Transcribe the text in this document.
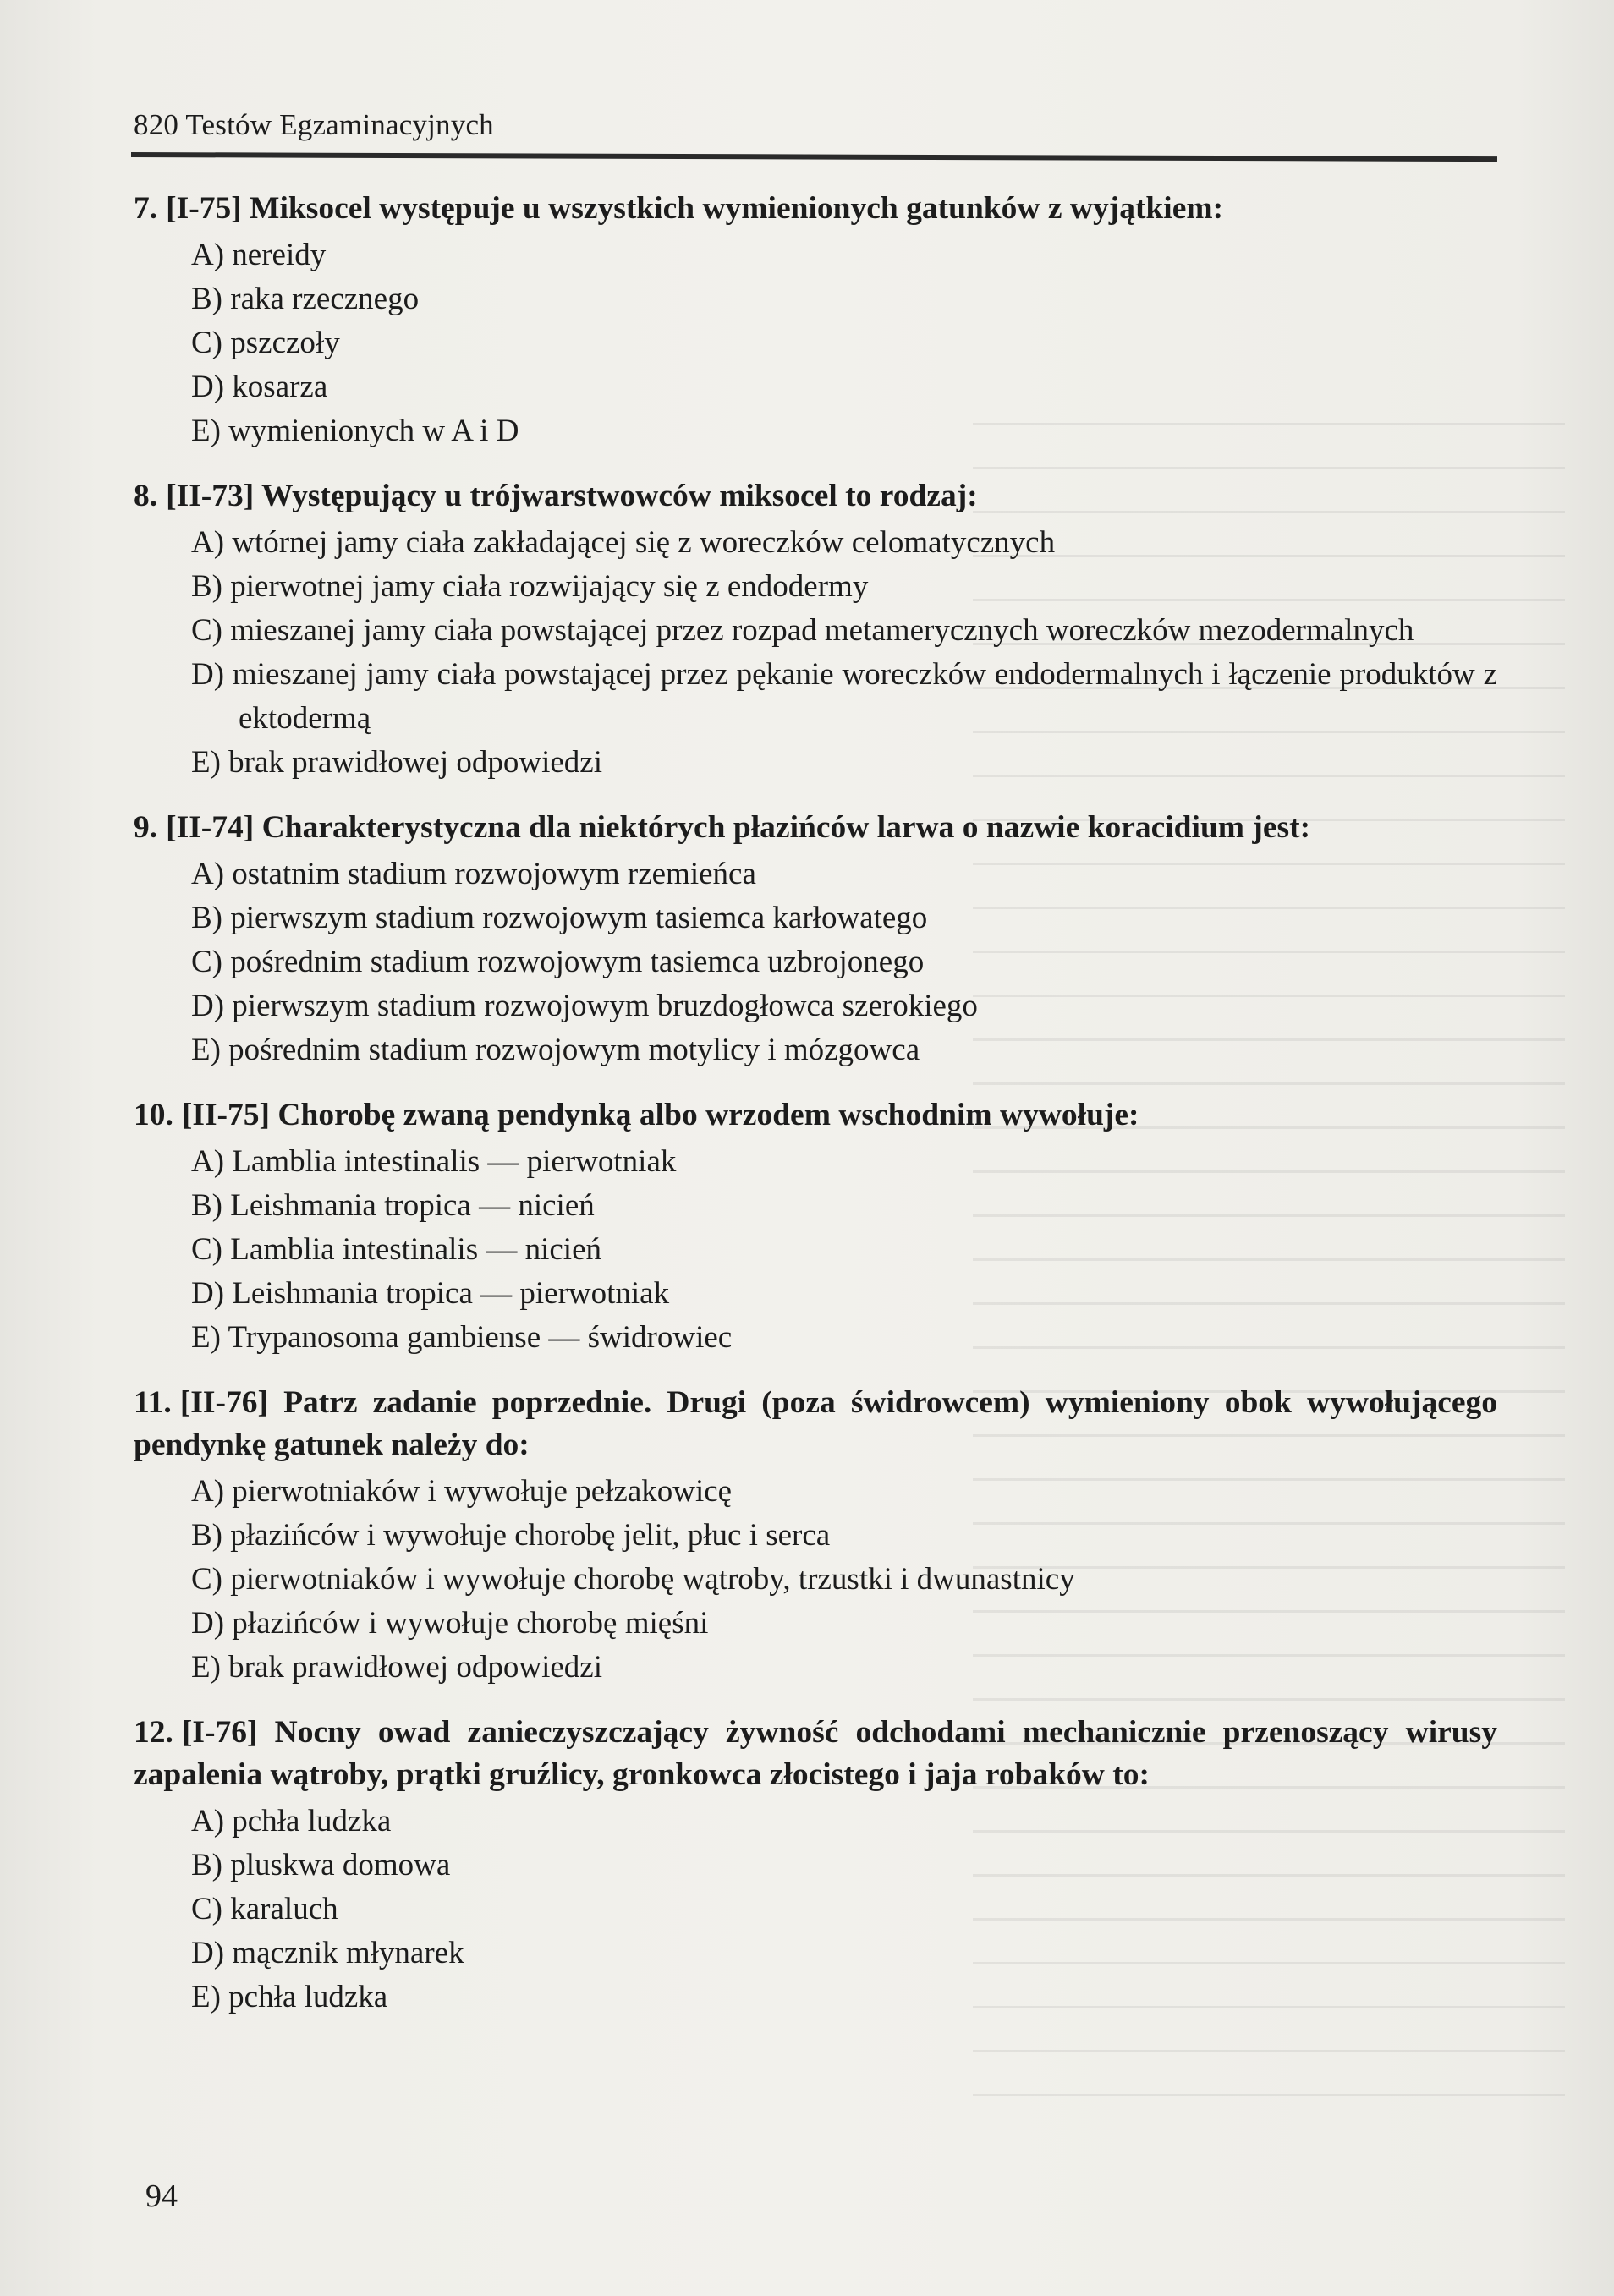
820 Testów Egzaminacyjnych

7. [I-75] Miksocel występuje u wszystkich wymienionych gatunków z wyjątkiem:

A) nereidy
B) raka rzecznego
C) pszczoły
D) kosarza
E) wymienionych w A i D

8. [II-73] Występujący u trójwarstwowców miksocel to rodzaj:

A) wtórnej jamy ciała zakładającej się z woreczków celomatycznych
B) pierwotnej jamy ciała rozwijający się z endodermy
C) mieszanej jamy ciała powstającej przez rozpad metamerycznych woreczków mezodermalnych
D) mieszanej jamy ciała powstającej przez pękanie woreczków endodermalnych i łączenie produktów z ektodermą
E) brak prawidłowej odpowiedzi

9. [II-74] Charakterystyczna dla niektórych płazińców larwa o nazwie koracidium jest:

A) ostatnim stadium rozwojowym rzemieńca
B) pierwszym stadium rozwojowym tasiemca karłowatego
C) pośrednim stadium rozwojowym tasiemca uzbrojonego
D) pierwszym stadium rozwojowym bruzdogłowca szerokiego
E) pośrednim stadium rozwojowym motylicy i mózgowca

10. [II-75] Chorobę zwaną pendynką albo wrzodem wschodnim wywołuje:

A) Lamblia intestinalis — pierwotniak
B) Leishmania tropica — nicień
C) Lamblia intestinalis — nicień
D) Leishmania tropica — pierwotniak
E) Trypanosoma gambiense — świdrowiec

11. [II-76] Patrz zadanie poprzednie. Drugi (poza świdrowcem) wymieniony obok wywołującego pendynkę gatunek należy do:

A) pierwotniaków i wywołuje pełzakowicę
B) płazińców i wywołuje chorobę jelit, płuc i serca
C) pierwotniaków i wywołuje chorobę wątroby, trzustki i dwunastnicy
D) płazińców i wywołuje chorobę mięśni
E) brak prawidłowej odpowiedzi

12. [I-76] Nocny owad zanieczyszczający żywność odchodami mechanicznie przenoszący wirusy zapalenia wątroby, prątki gruźlicy, gronkowca złocistego i jaja robaków to:

A) pchła ludzka
B) pluskwa domowa
C) karaluch
D) mącznik młynarek
E) pchła ludzka
94
